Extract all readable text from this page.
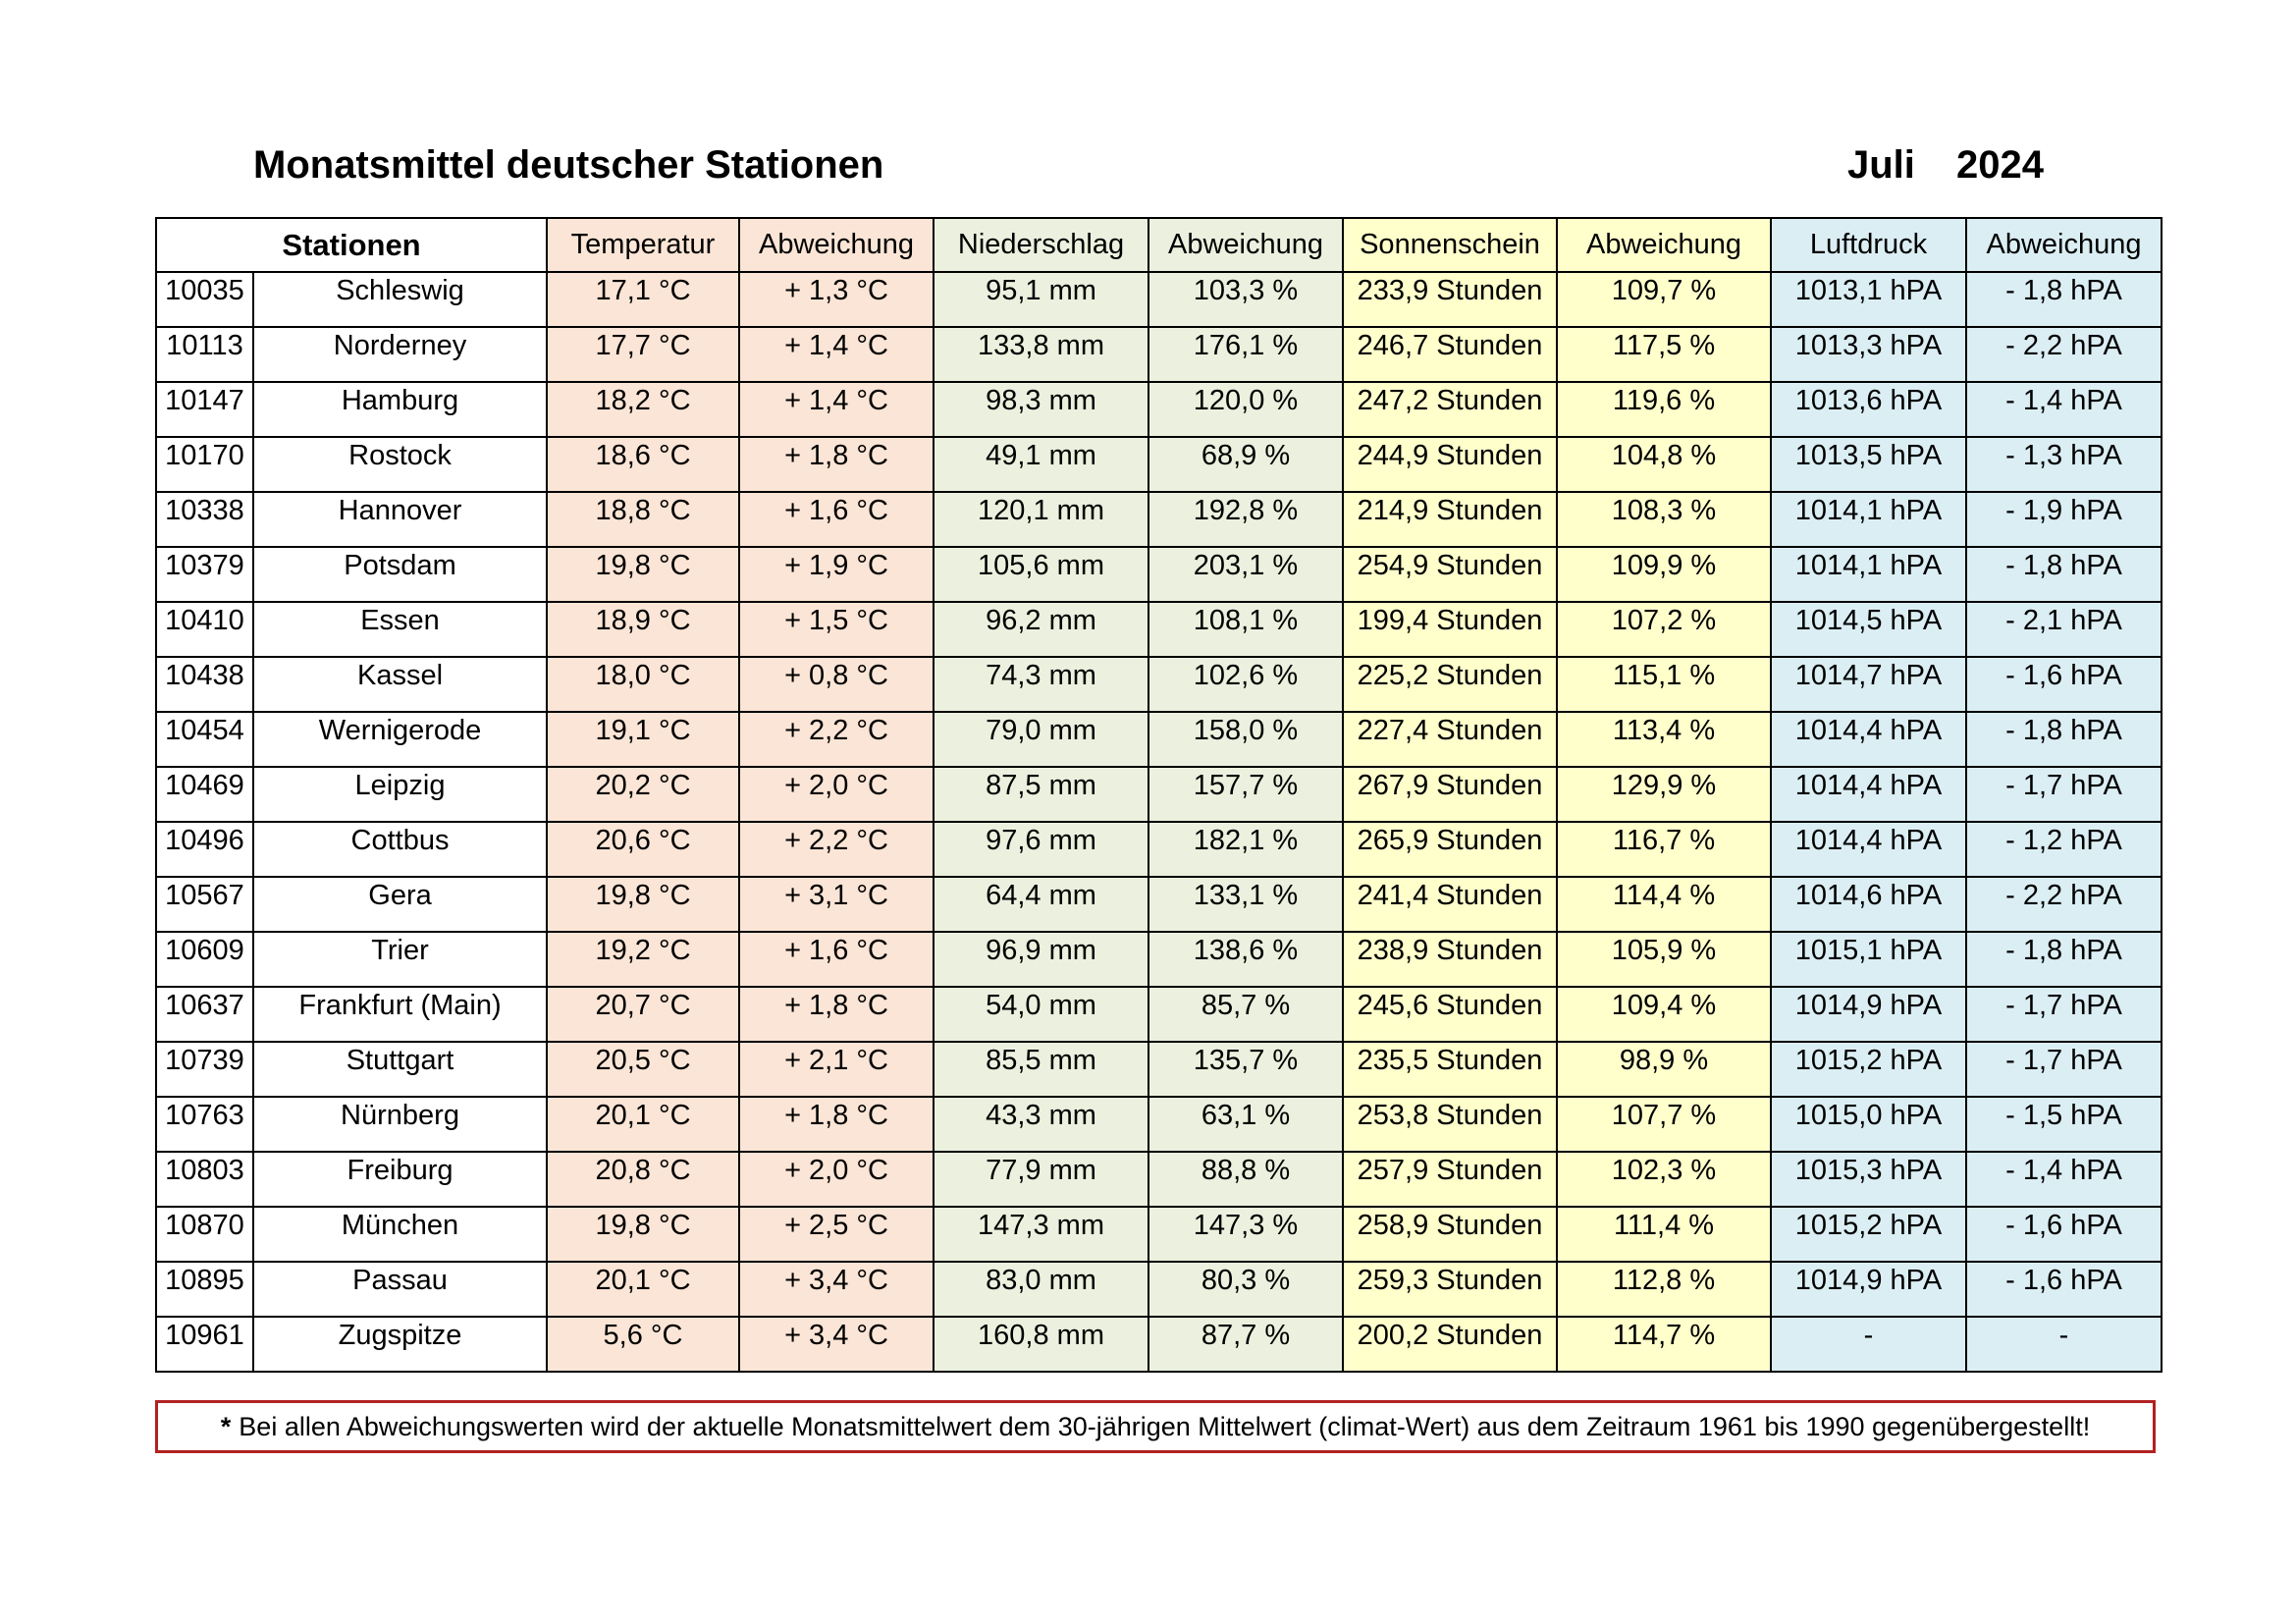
Monatsmittel deutscher Stationen	Juli 2024
Stationen		Temperatur	Abweichung	Niederschlag	Abweichung	Sonnenschein	Abweichung	Luftdruck	Abweichung
10035	Schleswig	17,1 °C	+ 1,3 °C	95,1 mm	103,3 %	233,9 Stunden	109,7 %	1013,1 hPA	- 1,8 hPA
10113	Norderney	17,7 °C	+ 1,4 °C	133,8 mm	176,1 %	246,7 Stunden	117,5 %	1013,3 hPA	- 2,2 hPA
10147	Hamburg	18,2 °C	+ 1,4 °C	98,3 mm	120,0 %	247,2 Stunden	119,6 %	1013,6 hPA	- 1,4 hPA
10170	Rostock	18,6 °C	+ 1,8 °C	49,1 mm	68,9 %	244,9 Stunden	104,8 %	1013,5 hPA	- 1,3 hPA
10338	Hannover	18,8 °C	+ 1,6 °C	120,1 mm	192,8 %	214,9 Stunden	108,3 %	1014,1 hPA	- 1,9 hPA
10379	Potsdam	19,8 °C	+ 1,9 °C	105,6 mm	203,1 %	254,9 Stunden	109,9 %	1014,1 hPA	- 1,8 hPA
10410	Essen	18,9 °C	+ 1,5 °C	96,2 mm	108,1 %	199,4 Stunden	107,2 %	1014,5 hPA	- 2,1 hPA
10438	Kassel	18,0 °C	+ 0,8 °C	74,3 mm	102,6 %	225,2 Stunden	115,1 %	1014,7 hPA	- 1,6 hPA
10454	Wernigerode	19,1 °C	+ 2,2 °C	79,0 mm	158,0 %	227,4 Stunden	113,4 %	1014,4 hPA	- 1,8 hPA
10469	Leipzig	20,2 °C	+ 2,0 °C	87,5 mm	157,7 %	267,9 Stunden	129,9 %	1014,4 hPA	- 1,7 hPA
10496	Cottbus	20,6 °C	+ 2,2 °C	97,6 mm	182,1 %	265,9 Stunden	116,7 %	1014,4 hPA	- 1,2 hPA
10567	Gera	19,8 °C	+ 3,1 °C	64,4 mm	133,1 %	241,4 Stunden	114,4 %	1014,6 hPA	- 2,2 hPA
10609	Trier	19,2 °C	+ 1,6 °C	96,9 mm	138,6 %	238,9 Stunden	105,9 %	1015,1 hPA	- 1,8 hPA
10637	Frankfurt (Main)	20,7 °C	+ 1,8 °C	54,0 mm	85,7 %	245,6 Stunden	109,4 %	1014,9 hPA	- 1,7 hPA
10739	Stuttgart	20,5 °C	+ 2,1 °C	85,5 mm	135,7 %	235,5 Stunden	98,9 %	1015,2 hPA	- 1,7 hPA
10763	Nürnberg	20,1 °C	+ 1,8 °C	43,3 mm	63,1 %	253,8 Stunden	107,7 %	1015,0 hPA	- 1,5 hPA
10803	Freiburg	20,8 °C	+ 2,0 °C	77,9 mm	88,8 %	257,9 Stunden	102,3 %	1015,3 hPA	- 1,4 hPA
10870	München	19,8 °C	+ 2,5 °C	147,3 mm	147,3 %	258,9 Stunden	111,4 %	1015,2 hPA	- 1,6 hPA
10895	Passau	20,1 °C	+ 3,4 °C	83,0 mm	80,3 %	259,3 Stunden	112,8 %	1014,9 hPA	- 1,6 hPA
10961	Zugspitze	5,6 °C	+ 3,4 °C	160,8 mm	87,7 %	200,2 Stunden	114,7 %	-	-
* Bei allen Abweichungswerten wird der aktuelle Monatsmittelwert dem 30-jährigen Mittelwert (climat-Wert) aus dem Zeitraum 1961 bis 1990 gegenübergestellt!
